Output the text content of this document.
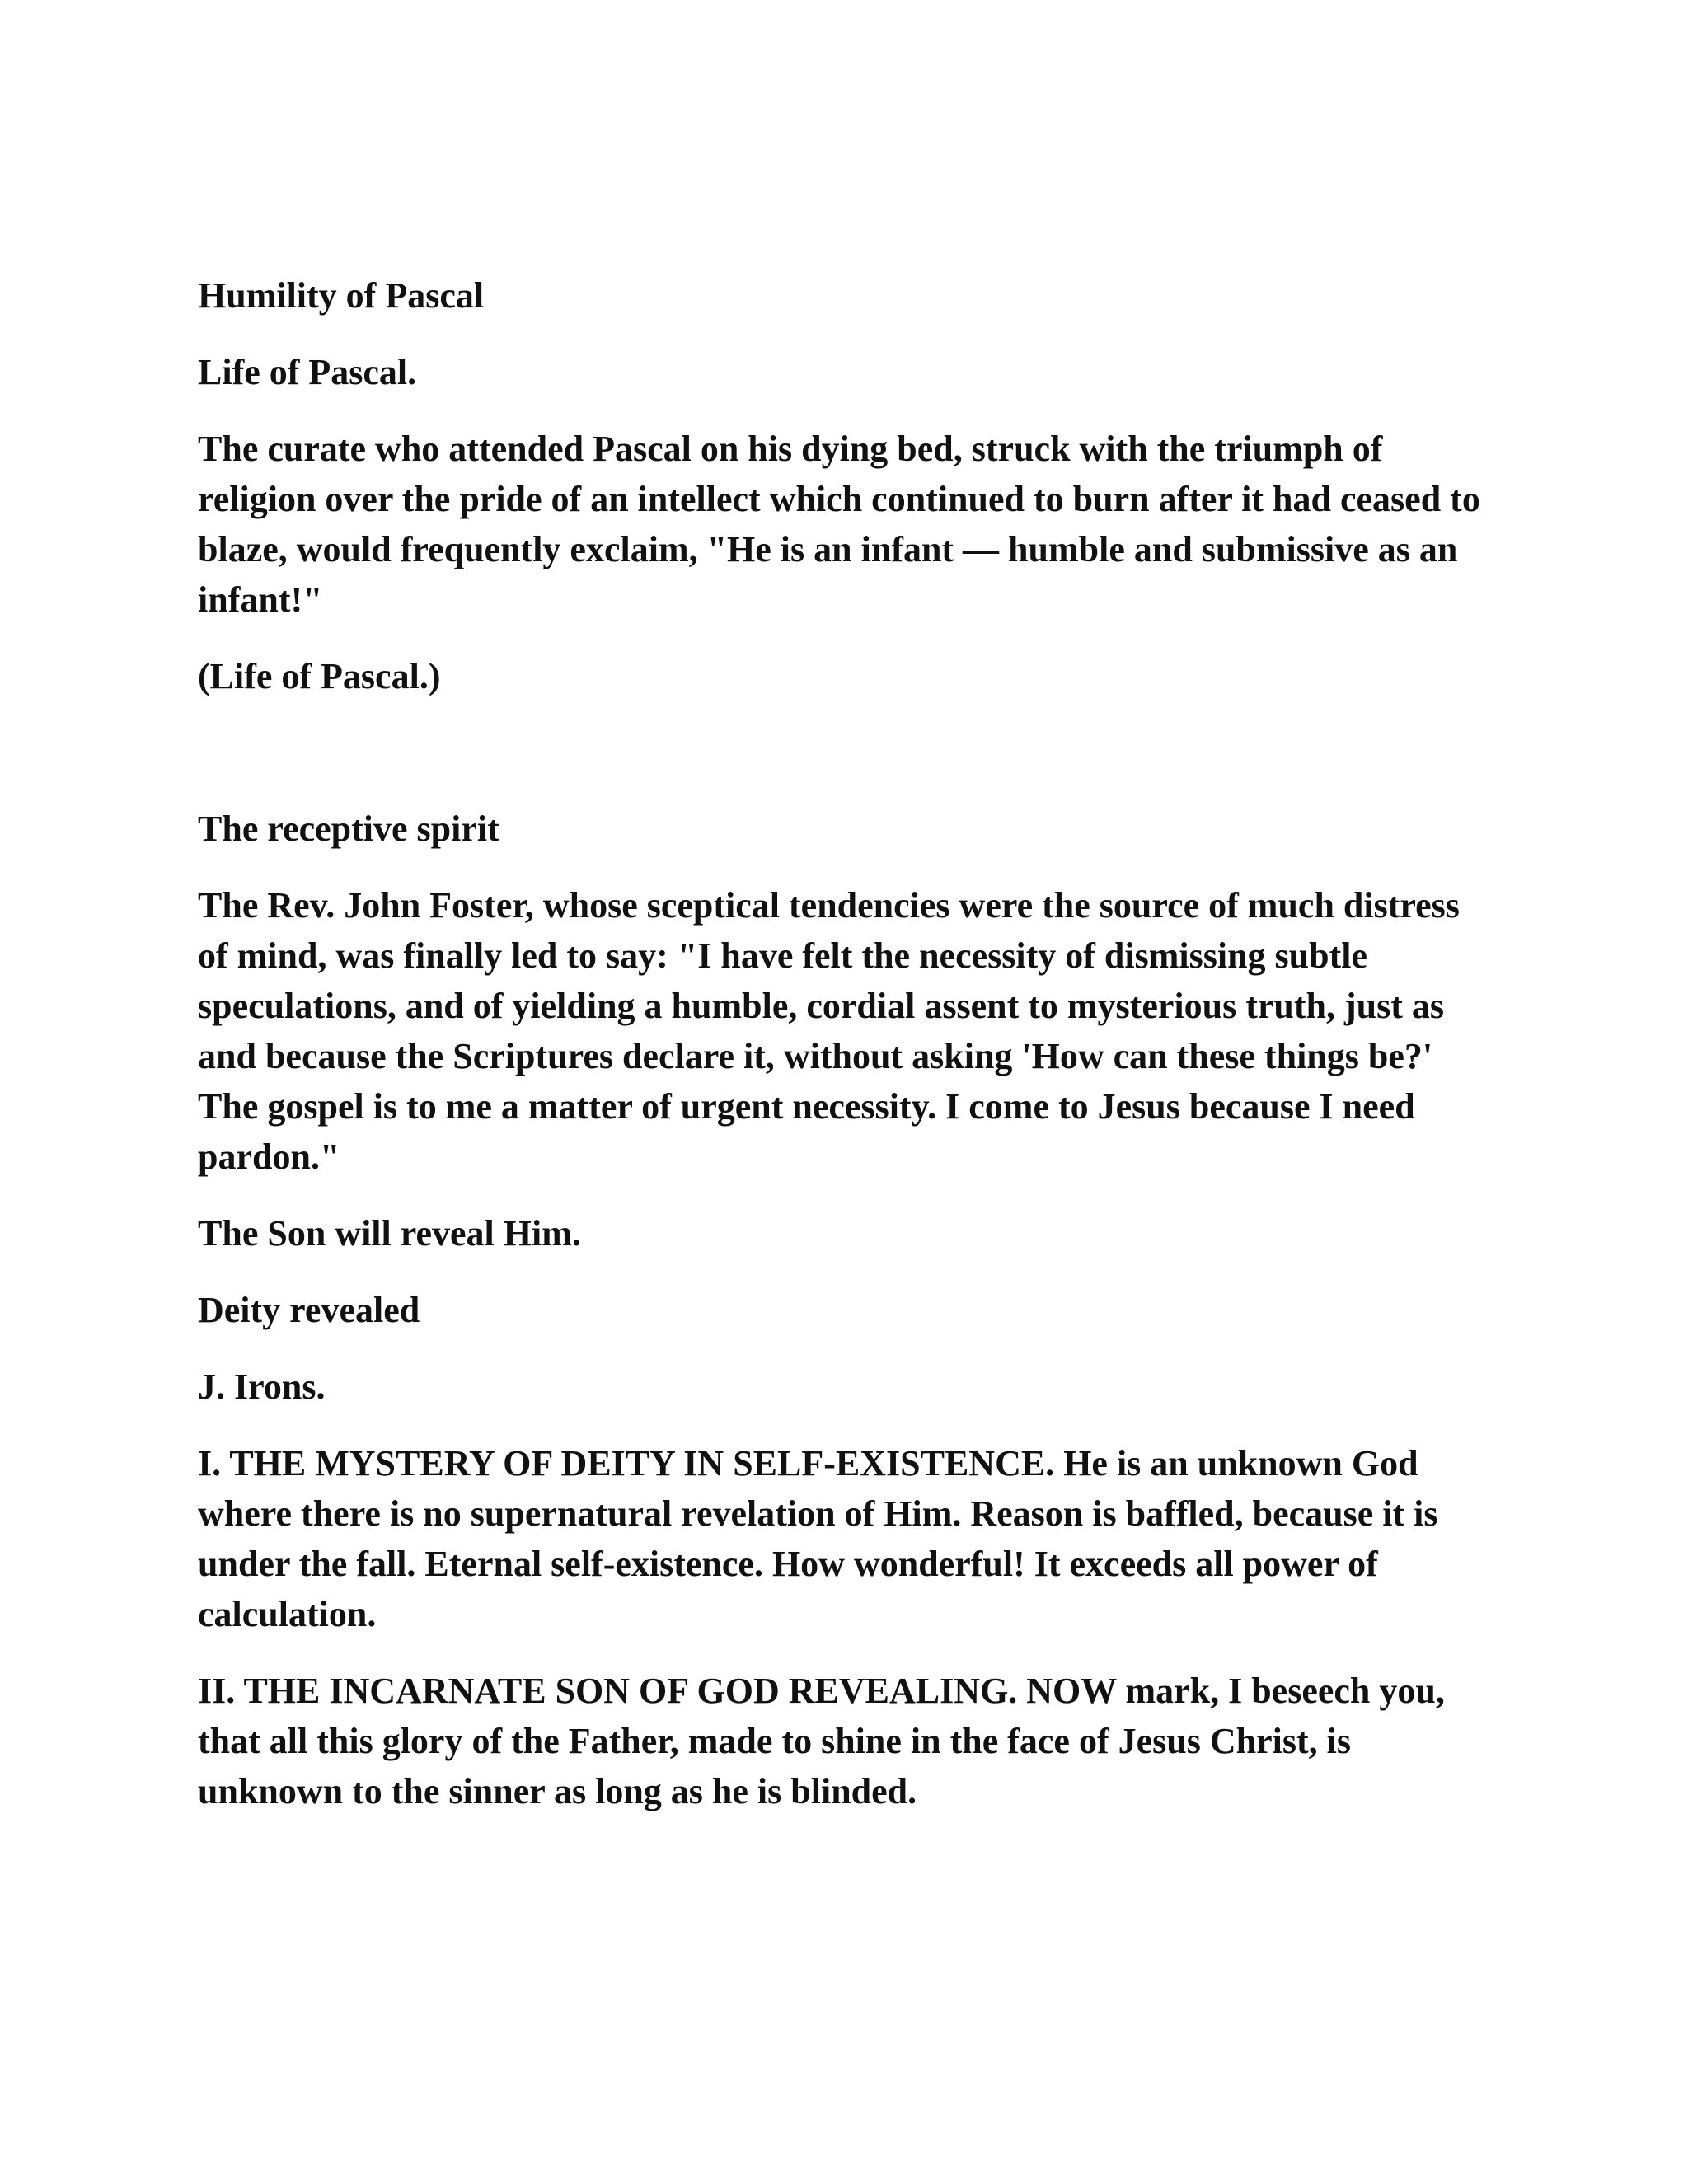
Humility of Pascal

Life of Pascal.

The curate who attended Pascal on his dying bed, struck with the triumph of religion over the pride of an intellect which continued to burn after it had ceased to blaze, would frequently exclaim, "He is an infant — humble and submissive as an infant!"

(Life of Pascal.)

The receptive spirit

The Rev. John Foster, whose sceptical tendencies were the source of much distress of mind, was finally led to say: "I have felt the necessity of dismissing subtle speculations, and of yielding a humble, cordial assent to mysterious truth, just as and because the Scriptures declare it, without asking 'How can these things be?' The gospel is to me a matter of urgent necessity. I come to Jesus because I need pardon."

The Son will reveal Him.

Deity revealed

J. Irons.

I. THE MYSTERY OF DEITY IN SELF-EXISTENCE. He is an unknown God where there is no supernatural revelation of Him. Reason is baffled, because it is under the fall. Eternal self-existence. How wonderful! It exceeds all power of calculation.

II. THE INCARNATE SON OF GOD REVEALING. NOW mark, I beseech you, that all this glory of the Father, made to shine in the face of Jesus Christ, is unknown to the sinner as long as he is blinded.
